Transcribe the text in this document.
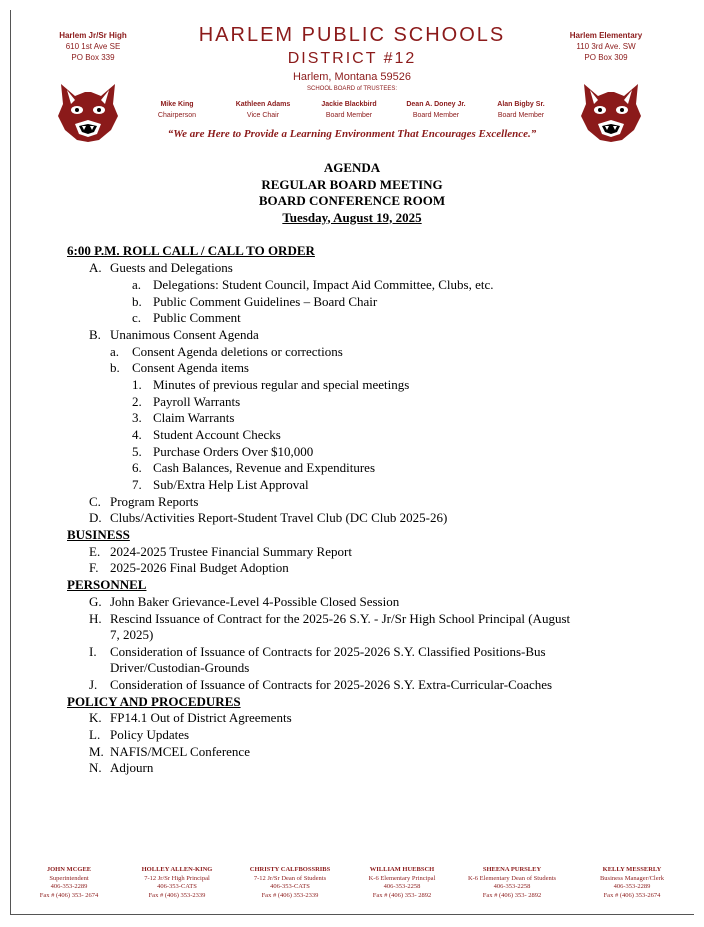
Harlem Jr/Sr High
610 1st Ave SE
PO Box 339
Harlem Elementary
110 3rd Ave. SW
PO Box 309
HARLEM PUBLIC SCHOOLS
DISTRICT #12
Harlem, Montana 59526
SCHOOL BOARD of TRUSTEES:
Mike King
Chairperson
Kathleen Adams
Vice Chair
Jackie Blackbird
Board Member
Dean A. Doney Jr.
Board Member
Alan Bigby Sr.
Board Member
“We are Here to Provide a Learning Environment That Encourages Excellence.”
AGENDA
REGULAR BOARD MEETING
BOARD CONFERENCE ROOM
Tuesday, August 19, 2025
6:00 P.M. ROLL CALL / CALL TO ORDER
A. Guests and Delegations
a. Delegations: Student Council, Impact Aid Committee, Clubs, etc.
b. Public Comment Guidelines – Board Chair
c. Public Comment
B. Unanimous Consent Agenda
a. Consent Agenda deletions or corrections
b. Consent Agenda items
1. Minutes of previous regular and special meetings
2. Payroll Warrants
3. Claim Warrants
4. Student Account Checks
5. Purchase Orders Over $10,000
6. Cash Balances, Revenue and Expenditures
7. Sub/Extra Help List Approval
C. Program Reports
D. Clubs/Activities Report-Student Travel Club (DC Club 2025-26)
BUSINESS
E. 2024-2025 Trustee Financial Summary Report
F. 2025-2026 Final Budget Adoption
PERSONNEL
G. John Baker Grievance-Level 4-Possible Closed Session
H. Rescind Issuance of Contract for the 2025-26 S.Y. - Jr/Sr High School Principal (August
7, 2025)
I. Consideration of Issuance of Contracts for 2025-2026 S.Y. Classified Positions-Bus
Driver/Custodian-Grounds
J. Consideration of Issuance of Contracts for 2025-2026 S.Y. Extra-Curricular-Coaches
POLICY AND PROCEDURES
K. FP14.1 Out of District Agreements
L. Policy Updates
M. NAFIS/MCEL Conference
N. Adjourn
JOHN MCGEE
Superintendent
406-353-2289
Fax # (406) 353- 2674
HOLLEY ALLEN-KING
7-12 Jr/Sr High Principal
406-353-CATS
Fax # (406) 353-2339
CHRISTY CALFBOSSRIBS
7-12 Jr/Sr Dean of Students
406-353-CATS
Fax # (406) 353-2339
WILLIAM HUEBSCH
K-6 Elementary Principal
406-353-2258
Fax # (406) 353- 2892
SHEENA PURSLEY
K-6 Elementary Dean of Students
406-353-2258
Fax # (406) 353- 2892
KELLY MESSERLY
Business Manager/Clerk
406-353-2289
Fax # (406) 353-2674
